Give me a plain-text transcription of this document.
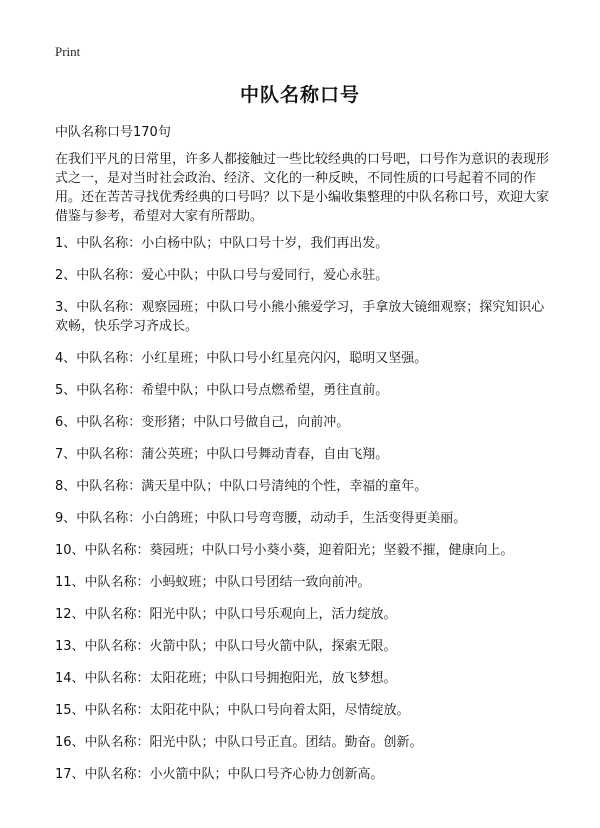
Print
中队名称口号

中队名称口号170句

在我们平凡的日常里，许多人都接触过一些比较经典的口号吧，口号作为意识的表现形式之一，是对当时社会政治、经济、文化的一种反映，不同性质的口号起着不同的作用。还在苦苦寻找优秀经典的口号吗？以下是小编收集整理的中队名称口号，欢迎大家借鉴与参考，希望对大家有所帮助。

1、中队名称：小白杨中队；中队口号十岁，我们再出发。
2、中队名称：爱心中队；中队口号与爱同行，爱心永驻。
3、中队名称：观察园班；中队口号小熊小熊爱学习，手拿放大镜细观察；探究知识心欢畅，快乐学习齐成长。
4、中队名称：小红星班；中队口号小红星亮闪闪，聪明又坚强。
5、中队名称：希望中队；中队口号点燃希望，勇往直前。
6、中队名称：变形猪；中队口号做自己，向前冲。
7、中队名称：蒲公英班；中队口号舞动青春，自由飞翔。
8、中队名称：满天星中队；中队口号清纯的个性，幸福的童年。
9、中队名称：小白鸽班；中队口号弯弯腰，动动手，生活变得更美丽。
10、中队名称：葵园班；中队口号小葵小葵，迎着阳光；坚毅不摧，健康向上。
11、中队名称：小蚂蚁班；中队口号团结一致向前冲。
12、中队名称：阳光中队；中队口号乐观向上，活力绽放。
13、中队名称：火箭中队；中队口号火箭中队，探索无限。
14、中队名称：太阳花班；中队口号拥抱阳光，放飞梦想。
15、中队名称：太阳花中队；中队口号向着太阳，尽情绽放。
16、中队名称：阳光中队；中队口号正直。团结。勤奋。创新。
17、中队名称：小火箭中队；中队口号齐心协力创新高。
